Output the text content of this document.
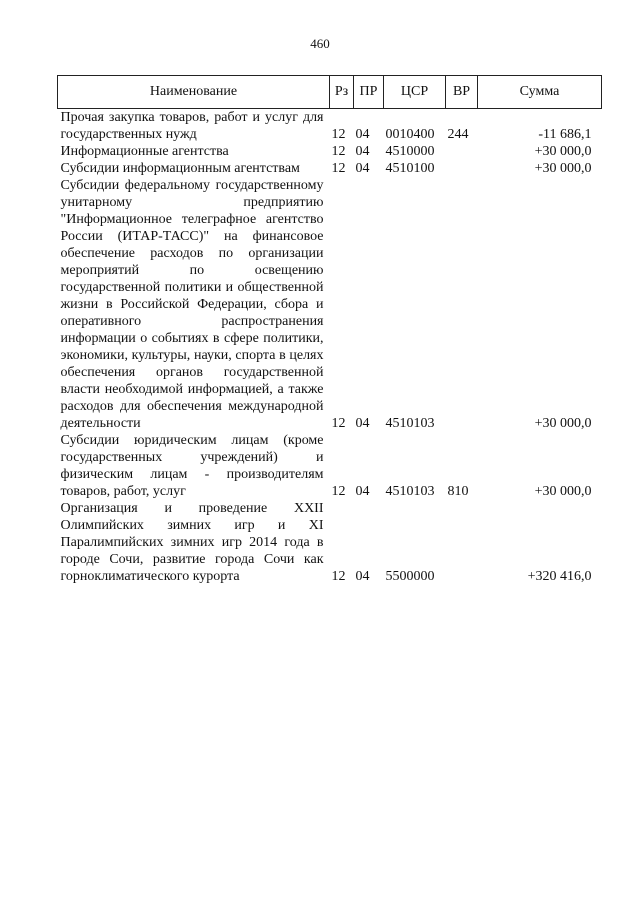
460
Наименование	Рз	ПР	ЦСР	ВР	Сумма
Прочая закупка товаров, работ и услуг для государственных нужд	12	04	0010400	244	-11 686,1
Информационные агентства	12	04	4510000		+30 000,0
Субсидии информационным агентствам	12	04	4510100		+30 000,0
Субсидии федеральному государственному унитарному предприятию "Информационное телеграфное агентство России (ИТАР-ТАСС)" на финансовое обеспечение расходов по организации мероприятий по освещению государственной политики и общественной жизни в Российской Федерации, сбора и оперативного распространения информации о событиях в сфере политики, экономики, культуры, науки, спорта в целях обеспечения органов государственной власти необходимой информацией, а также расходов для обеспечения международной деятельности	12	04	4510103		+30 000,0
Субсидии юридическим лицам (кроме государственных учреждений) и физическим лицам - производителям товаров, работ, услуг	12	04	4510103	810	+30 000,0
Организация и проведение XXII Олимпийских зимних игр и XI Паралимпийских зимних игр 2014 года в городе Сочи, развитие города Сочи как горноклиматического курорта	12	04	5500000		+320 416,0
